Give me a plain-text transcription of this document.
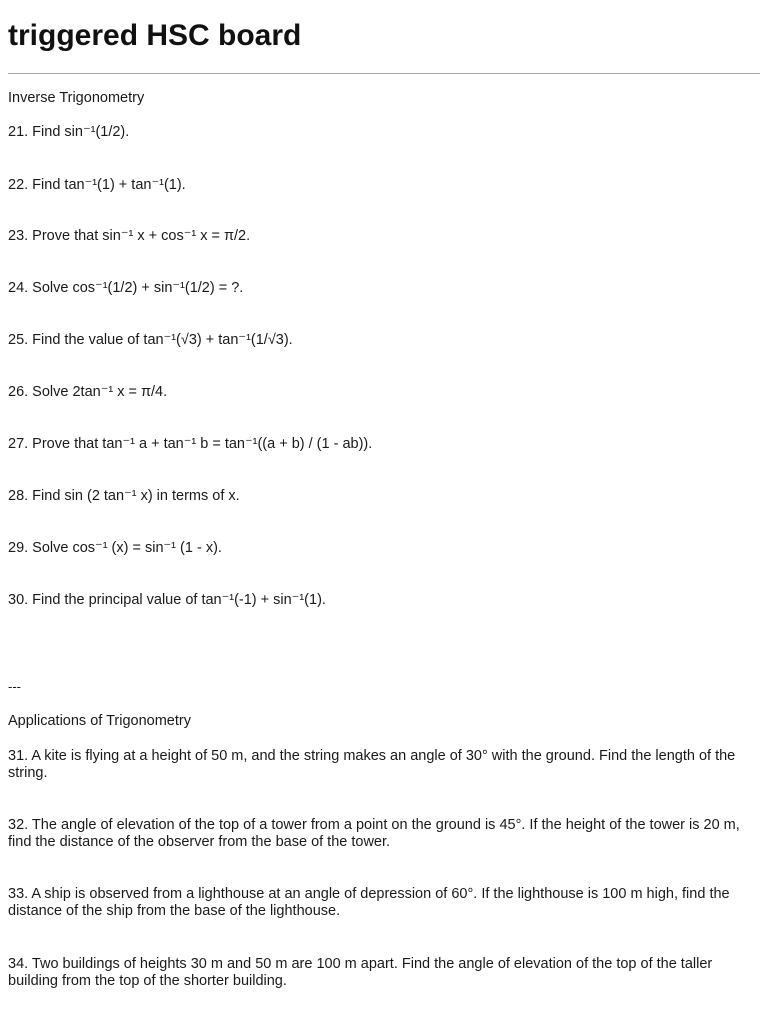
triggered HSC board

Inverse Trigonometry

21. Find sin⁻¹(1/2).

22. Find tan⁻¹(1) + tan⁻¹(1).

23. Prove that sin⁻¹ x + cos⁻¹ x = π/2.

24. Solve cos⁻¹(1/2) + sin⁻¹(1/2) = ?.

25. Find the value of tan⁻¹(√3) + tan⁻¹(1/√3).

26. Solve 2tan⁻¹ x = π/4.

27. Prove that tan⁻¹ a + tan⁻¹ b = tan⁻¹((a + b) / (1 - ab)).

28. Find sin (2 tan⁻¹ x) in terms of x.

29. Solve cos⁻¹ (x) = sin⁻¹ (1 - x).

30. Find the principal value of tan⁻¹(-1) + sin⁻¹(1).

---

Applications of Trigonometry

31. A kite is flying at a height of 50 m, and the string makes an angle of 30° with the ground. Find the length of the string.

32. The angle of elevation of the top of a tower from a point on the ground is 45°. If the height of the tower is 20 m, find the distance of the observer from the base of the tower.

33. A ship is observed from a lighthouse at an angle of depression of 60°. If the lighthouse is 100 m high, find the distance of the ship from the base of the lighthouse.

34. Two buildings of heights 30 m and 50 m are 100 m apart. Find the angle of elevation of the top of the taller building from the top of the shorter building.
